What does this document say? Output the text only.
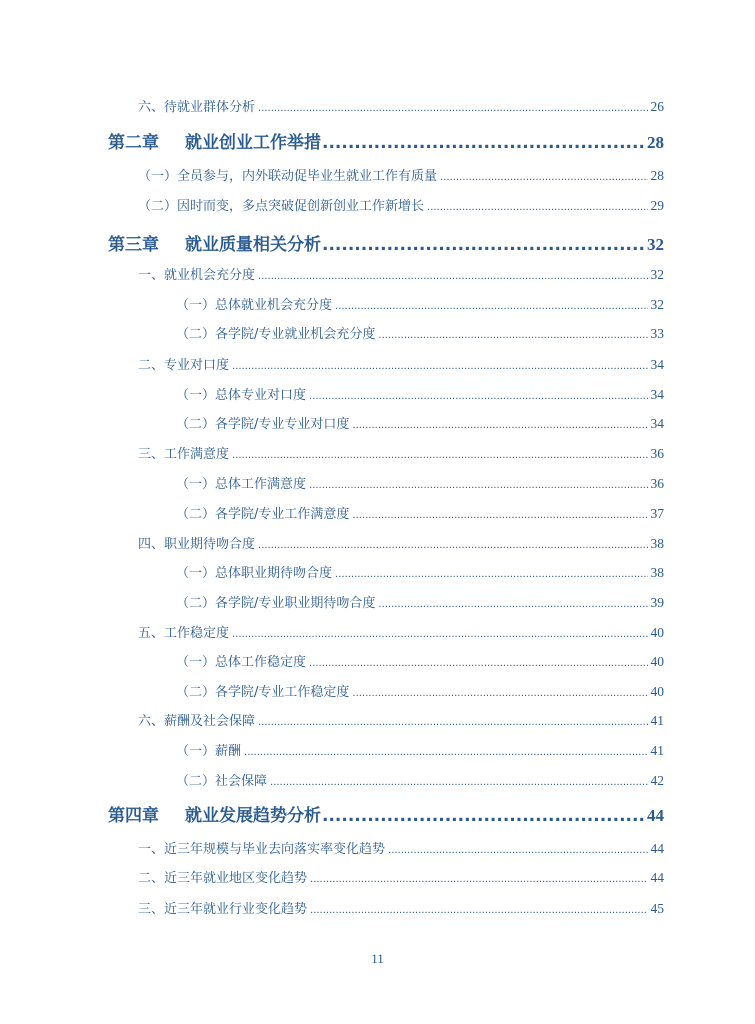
六、待就业群体分析 .....	26
第二章 就业创业工作举措 .....	28
（一）全员参与，内外联动促毕业生就业工作有质量 .....	28
（二）因时而变，多点突破促创新创业工作新增长 .....	29
第三章 就业质量相关分析 .....	32
一、就业机会充分度 .....	32
（一）总体就业机会充分度 .....	32
（二）各学院/专业就业机会充分度 .....	33
二、专业对口度 .....	34
（一）总体专业对口度 .....	34
（二）各学院/专业专业对口度 .....	34
三、工作满意度 .....	36
（一）总体工作满意度 .....	36
（二）各学院/专业工作满意度 .....	37
四、职业期待吻合度 .....	38
（一）总体职业期待吻合度 .....	38
（二）各学院/专业职业期待吻合度 .....	39
五、工作稳定度 .....	40
（一）总体工作稳定度 .....	40
（二）各学院/专业工作稳定度 .....	40
六、薪酬及社会保障 .....	41
（一）薪酬 .....	41
（二）社会保障 .....	42
第四章 就业发展趋势分析 .....	44
一、近三年规模与毕业去向落实率变化趋势 .....	44
二、近三年就业地区变化趋势 .....	44
三、近三年就业行业变化趋势 .....	45
11
